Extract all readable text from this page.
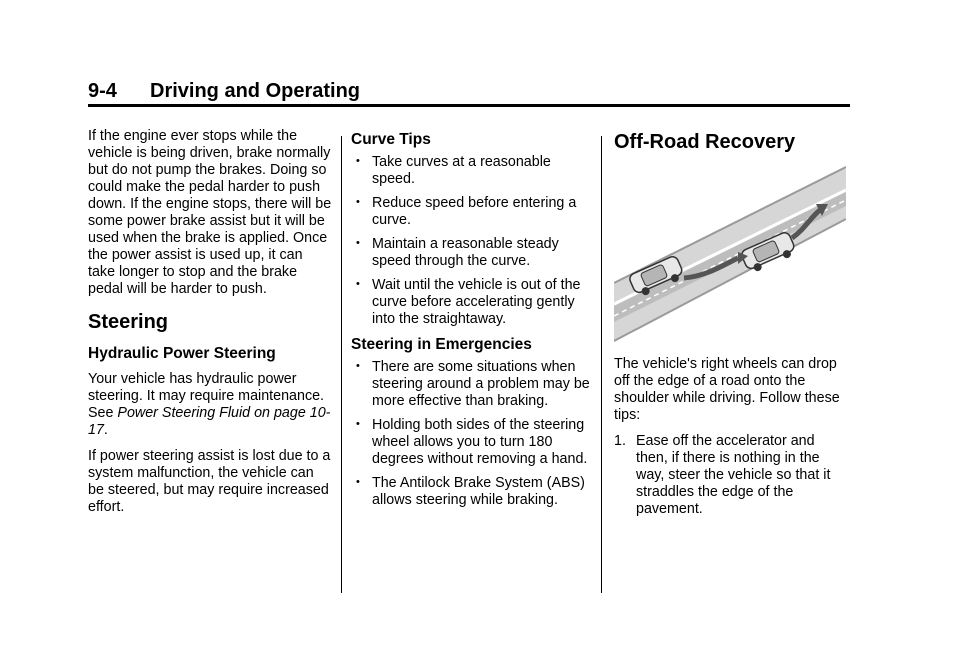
9-4 Driving and Operating

If the engine ever stops while the vehicle is being driven, brake normally but do not pump the brakes. Doing so could make the pedal harder to push down. If the engine stops, there will be some power brake assist but it will be used when the brake is applied. Once the power assist is used up, it can take longer to stop and the brake pedal will be harder to push.

Steering
Hydraulic Power Steering

Your vehicle has hydraulic power steering. It may require maintenance. See Power Steering Fluid on page 10-17.

If power steering assist is lost due to a system malfunction, the vehicle can be steered, but may require increased effort.

Curve Tips
• Take curves at a reasonable speed.
• Reduce speed before entering a curve.
• Maintain a reasonable steady speed through the curve.
• Wait until the vehicle is out of the curve before accelerating gently into the straightaway.
Steering in Emergencies
• There are some situations when steering around a problem may be more effective than braking.
• Holding both sides of the steering wheel allows you to turn 180 degrees without removing a hand.
• The Antilock Brake System (ABS) allows steering while braking.
Off-Road Recovery

The vehicle's right wheels can drop off the edge of a road onto the shoulder while driving. Follow these tips:

1. Ease off the accelerator and then, if there is nothing in the way, steer the vehicle so that it straddles the edge of the pavement.
